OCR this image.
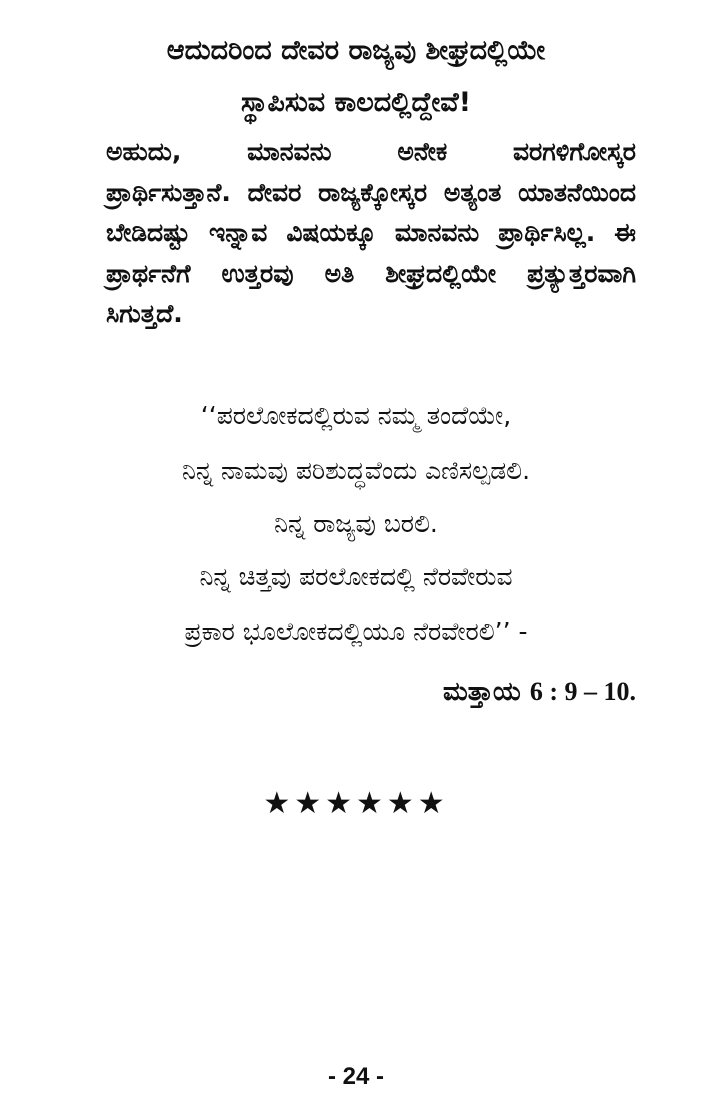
ಆದುದರಿಂದ ದೇವರ ರಾಜ್ಯವು ಶೀಘ್ರದಲ್ಲಿಯೇ
ಸ್ಥಾಪಿಸುವ ಕಾಲದಲ್ಲಿದ್ದೇವೆ!
ಅಹುದು, ಮಾನವನು ಅನೇಕ ವರಗಳಿಗೋಸ್ಕರ
ಪ್ರಾರ್ಥಿಸುತ್ತಾನೆ. ದೇವರ ರಾಜ್ಯಕ್ಕೋಸ್ಕರ ಅತ್ಯಂತ ಯಾತನೆಯಿಂದ
ಬೇಡಿದಷ್ಟು ಇನ್ನಾವ ವಿಷಯಕ್ಕೂ ಮಾನವನು ಪ್ರಾರ್ಥಿಸಿಲ್ಲ. ಈ
ಪ್ರಾರ್ಥನೆಗೆ ಉತ್ತರವು ಅತಿ ಶೀಘ್ರದಲ್ಲಿಯೇ ಪ್ರತ್ಯುತ್ತರವಾಗಿ
ಸಿಗುತ್ತದೆ.
‘‘ಪರಲೋಕದಲ್ಲಿರುವ ನಮ್ಮ ತಂದೆಯೇ,
ನಿನ್ನ ನಾಮವು ಪರಿಶುದ್ಧವೆಂದು ಎಣಿಸಲ್ಪಡಲಿ.
ನಿನ್ನ ರಾಜ್ಯವು ಬರಲಿ.
ನಿನ್ನ ಚಿತ್ತವು ಪರಲೋಕದಲ್ಲಿ ನೆರವೇರುವ
ಪ್ರಕಾರ ಭೂಲೋಕದಲ್ಲಿಯೂ ನೆರವೇರಲಿ’’ -
ಮತ್ತಾಯ 6 : 9 – 10.
★★★★★★
- 24 -
